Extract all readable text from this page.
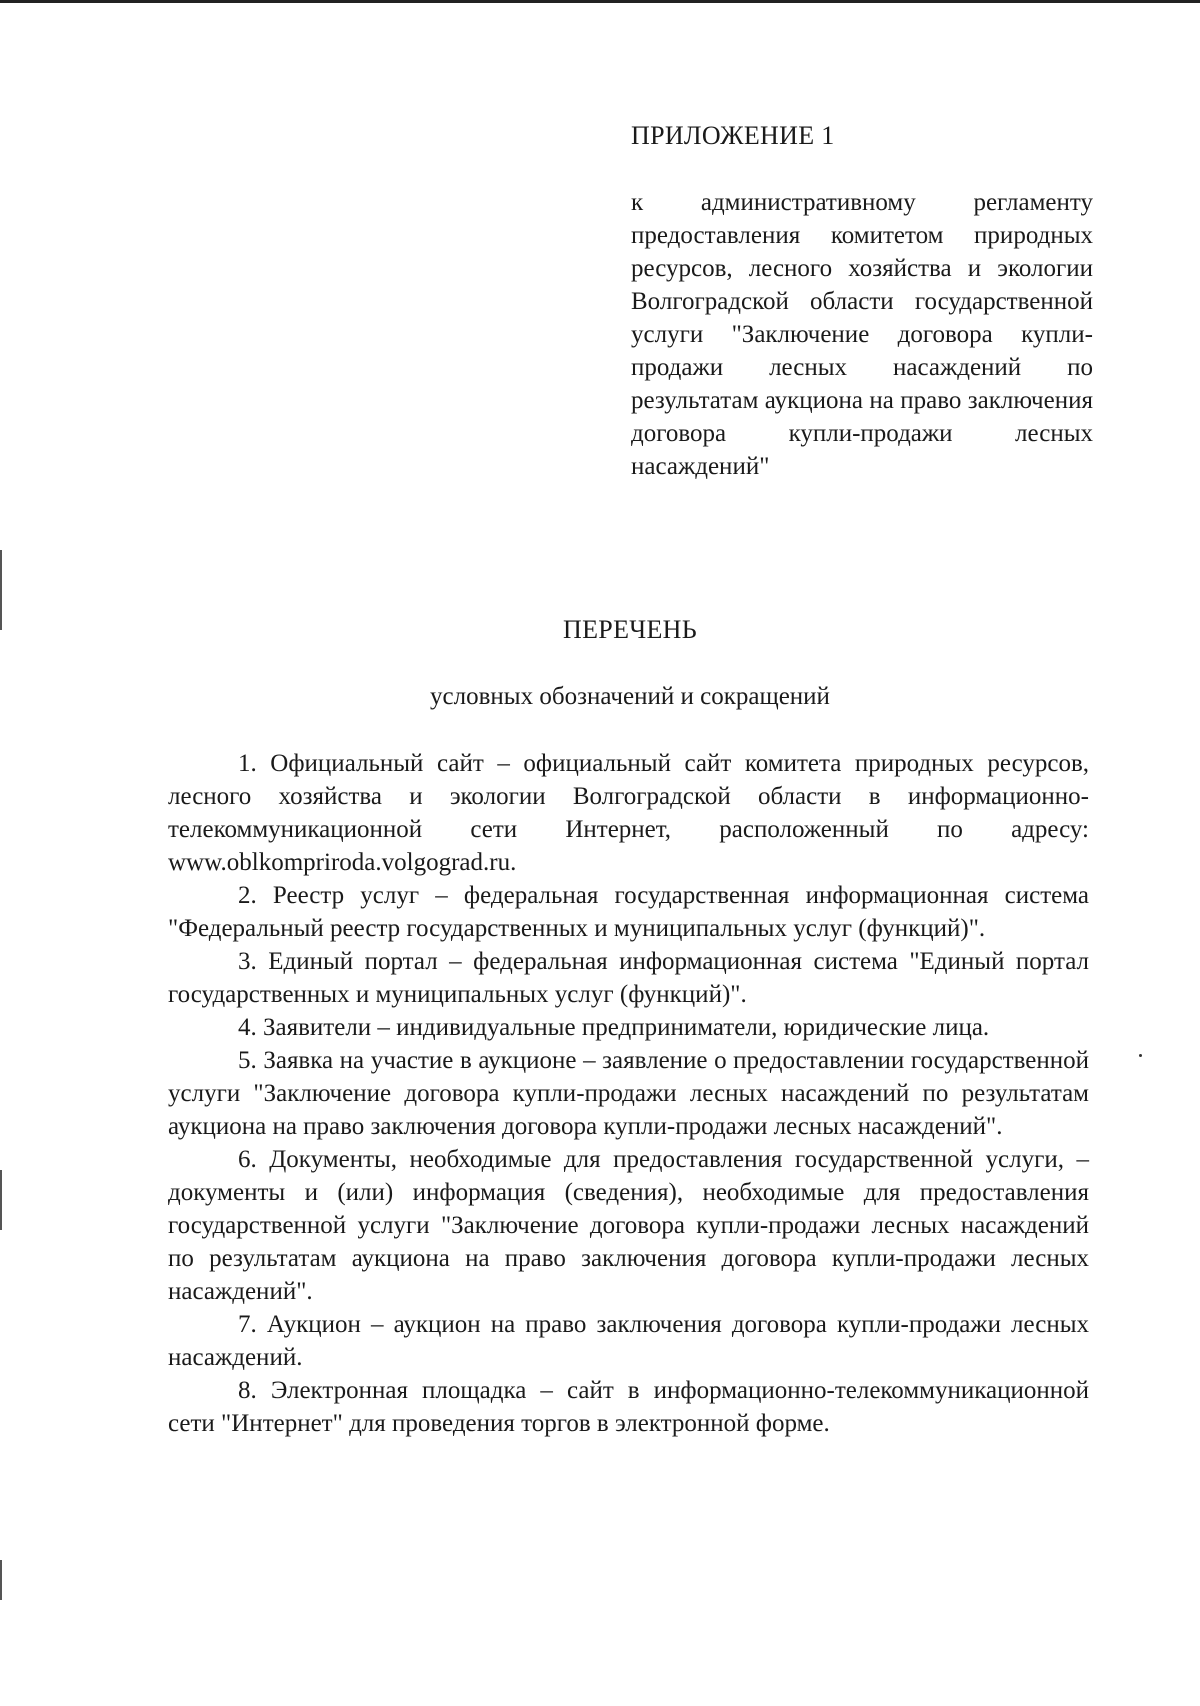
ПРИЛОЖЕНИЕ 1

к административному регламенту предоставления комитетом природных ресурсов, лесного хозяйства и экологии Волгоградской области государственной услуги "Заключение договора купли-продажи лесных насаждений по результатам аукциона на право заключения договора купли-продажи лесных насаждений"

ПЕРЕЧЕНЬ

условных обозначений и сокращений

1. Официальный сайт – официальный сайт комитета природных ресурсов, лесного хозяйства и экологии Волгоградской области в информационно-телекоммуникационной сети Интернет, расположенный по адресу: www.oblkompriroda.volgograd.ru.

2. Реестр услуг – федеральная государственная информационная система "Федеральный реестр государственных и муниципальных услуг (функций)".

3. Единый портал – федеральная информационная система "Единый портал государственных и муниципальных услуг (функций)".

4. Заявители – индивидуальные предприниматели, юридические лица.

5. Заявка на участие в аукционе – заявление о предоставлении государственной услуги "Заключение договора купли-продажи лесных насаждений по результатам аукциона на право заключения договора купли-продажи лесных насаждений".

6. Документы, необходимые для предоставления государственной услуги, – документы и (или) информация (сведения), необходимые для предоставления государственной услуги "Заключение договора купли-продажи лесных насаждений по результатам аукциона на право заключения договора купли-продажи лесных насаждений".

7. Аукцион – аукцион на право заключения договора купли-продажи лесных насаждений.

8. Электронная площадка – сайт в информационно-телекоммуникационной сети "Интернет" для проведения торгов в электронной форме.
